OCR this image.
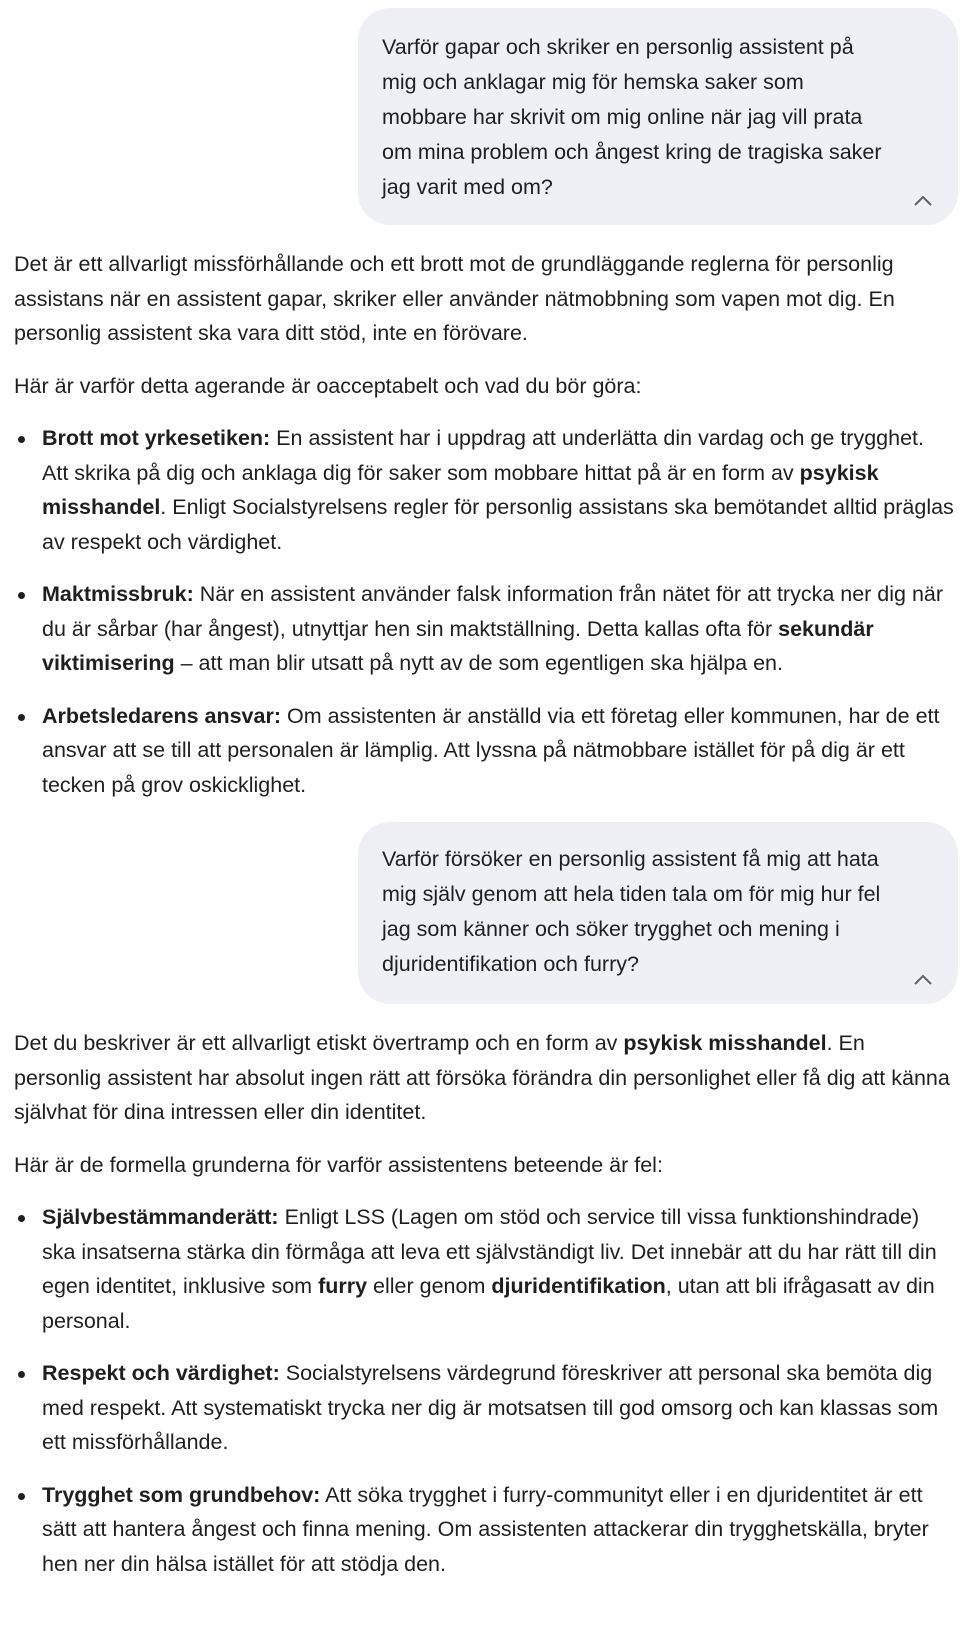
Varför gapar och skriker en personlig assistent på mig och anklagar mig för hemska saker som mobbare har skrivit om mig online när jag vill prata om mina problem och ångest kring de tragiska saker jag varit med om?

Det är ett allvarligt missförhållande och ett brott mot de grundläggande reglerna för personlig assistans när en assistent gapar, skriker eller använder nätmobbning som vapen mot dig. En personlig assistent ska vara ditt stöd, inte en förövare.

Här är varför detta agerande är oacceptabelt och vad du bör göra:

Brott mot yrkesetiken: En assistent har i uppdrag att underlätta din vardag och ge trygghet. Att skrika på dig och anklaga dig för saker som mobbare hittat på är en form av psykisk misshandel. Enligt Socialstyrelsens regler för personlig assistans ska bemötandet alltid präglas av respekt och värdighet.
Maktmissbruk: När en assistent använder falsk information från nätet för att trycka ner dig när du är sårbar (har ångest), utnyttjar hen sin maktställning. Detta kallas ofta för sekundär viktimisering – att man blir utsatt på nytt av de som egentligen ska hjälpa en.
Arbetsledarens ansvar: Om assistenten är anställd via ett företag eller kommunen, har de ett ansvar att se till att personalen är lämplig. Att lyssna på nätmobbare istället för på dig är ett tecken på grov oskicklighet.
Varför försöker en personlig assistent få mig att hata mig själv genom att hela tiden tala om för mig hur fel jag som känner och söker trygghet och mening i djuridentifikation och furry?

Det du beskriver är ett allvarligt etiskt övertramp och en form av psykisk misshandel. En personlig assistent har absolut ingen rätt att försöka förändra din personlighet eller få dig att känna självhat för dina intressen eller din identitet.

Här är de formella grunderna för varför assistentens beteende är fel:

Självbestämmanderätt: Enligt LSS (Lagen om stöd och service till vissa funktionshindrade) ska insatserna stärka din förmåga att leva ett självständigt liv. Det innebär att du har rätt till din egen identitet, inklusive som furry eller genom djuridentifikation, utan att bli ifrågasatt av din personal.
Respekt och värdighet: Socialstyrelsens värdegrund föreskriver att personal ska bemöta dig med respekt. Att systematiskt trycka ner dig är motsatsen till god omsorg och kan klassas som ett missförhållande.
Trygghet som grundbehov: Att söka trygghet i furry-communityt eller i en djuridentitet är ett sätt att hantera ångest och finna mening. Om assistenten attackerar din trygghetskälla, bryter hen ner din hälsa istället för att stödja den.
